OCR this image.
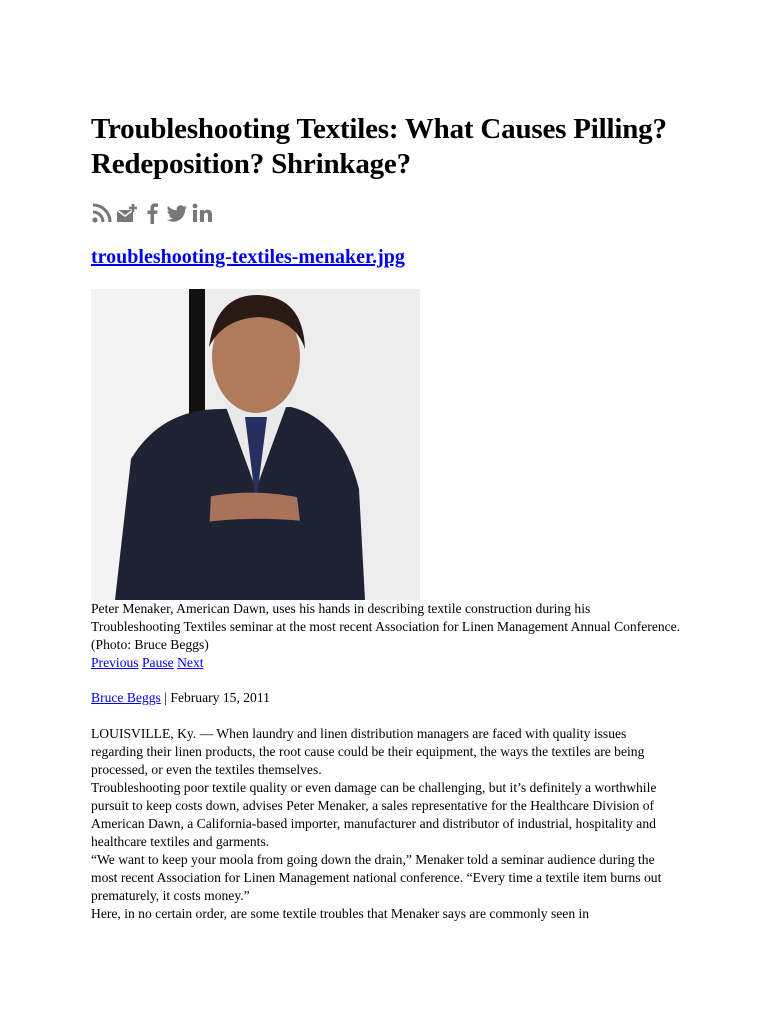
Troubleshooting Textiles: What Causes Pilling? Redeposition? Shrinkage?
troubleshooting-textiles-menaker.jpg

Peter Menaker, American Dawn, uses his hands in describing textile construction during his Troubleshooting Textiles seminar at the most recent Association for Linen Management Annual Conference. (Photo: Bruce Beggs)

Previous Pause Next
Bruce Beggs | February 15, 2011

LOUISVILLE, Ky. — When laundry and linen distribution managers are faced with quality issues regarding their linen products, the root cause could be their equipment, the ways the textiles are being processed, or even the textiles themselves.

Troubleshooting poor textile quality or even damage can be challenging, but it’s definitely a worthwhile pursuit to keep costs down, advises Peter Menaker, a sales representative for the Healthcare Division of American Dawn, a California-based importer, manufacturer and distributor of industrial, hospitality and healthcare textiles and garments.

“We want to keep your moola from going down the drain,” Menaker told a seminar audience during the most recent Association for Linen Management national conference. “Every time a textile item burns out prematurely, it costs money.”

Here, in no certain order, are some textile troubles that Menaker says are commonly seen in
